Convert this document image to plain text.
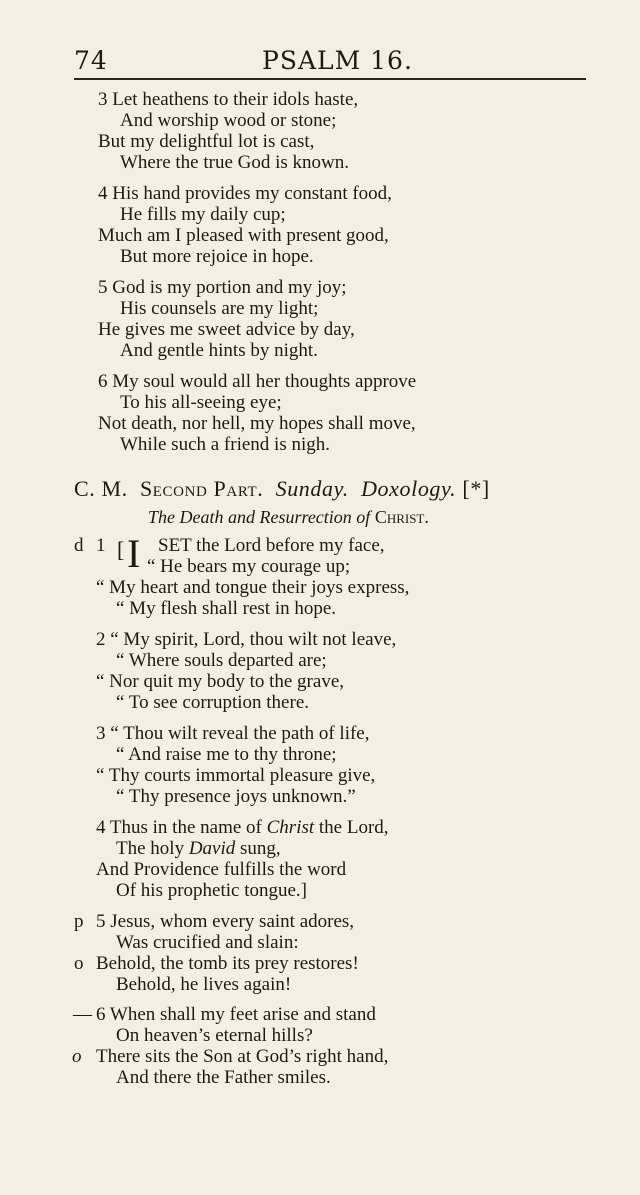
74	PSALM 16.
3 Let heathens to their idols haste,
And worship wood or stone;
But my delightful lot is cast,
Where the true God is known.
4 His hand provides my constant food,
He fills my daily cup;
Much am I pleased with present good,
But more rejoice in hope.
5 God is my portion and my joy;
His counsels are my light;
He gives me sweet advice by day,
And gentle hints by night.
6 My soul would all her thoughts approve
To his all-seeing eye;
Not death, nor hell, my hopes shall move,
While such a friend is nigh.
C. M. Second Part. Sunday. Doxology. [*]
The Death and Resurrection of Christ.
d 1 [ I SET the Lord before my face,
“ He bears my courage up;
“ My heart and tongue their joys express,
“ My flesh shall rest in hope.
2 “ My spirit, Lord, thou wilt not leave,
“ Where souls departed are;
“ Nor quit my body to the grave,
“ To see corruption there.
3 “ Thou wilt reveal the path of life,
“ And raise me to thy throne;
“ Thy courts immortal pleasure give,
“ Thy presence joys unknown.”
4 Thus in the name of Christ the Lord,
The holy David sung,
And Providence fulfills the word
Of his prophetic tongue.]
p 5 Jesus, whom every saint adores,
Was crucified and slain:
o Behold, the tomb its prey restores!
Behold, he lives again!
— 6 When shall my feet arise and stand
On heaven’s eternal hills?
o There sits the Son at God’s right hand,
And there the Father smiles.
